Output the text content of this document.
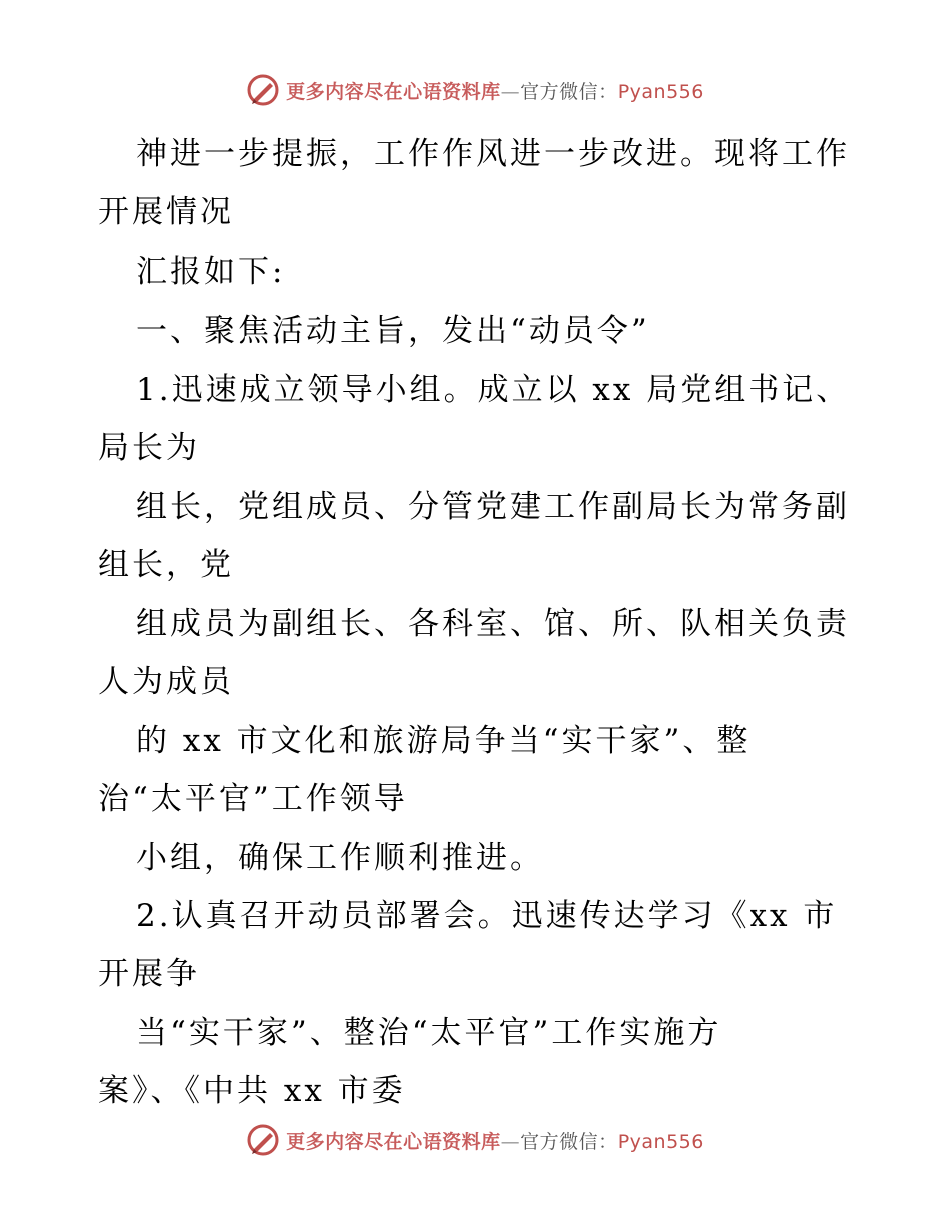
更多内容尽在心语资料库—官方微信：Pyan556
神进一步提振，工作作风进一步改进。现将工作
开展情况
汇报如下:
一、聚焦活动主旨，发出“动员令”
1.迅速成立领导小组。成立以 xx 局党组书记、
局长为
组长，党组成员、分管党建工作副局长为常务副
组长，党
组成员为副组长、各科室、馆、所、队相关负责
人为成员
的 xx 市文化和旅游局争当“实干家”、整
治“太平官”工作领导
小组，确保工作顺利推进。
2.认真召开动员部署会。迅速传达学习《xx 市
开展争
当“实干家”、整治“太平官”工作实施方
案》、《中共 xx 市委
更多内容尽在心语资料库—官方微信：Pyan556
